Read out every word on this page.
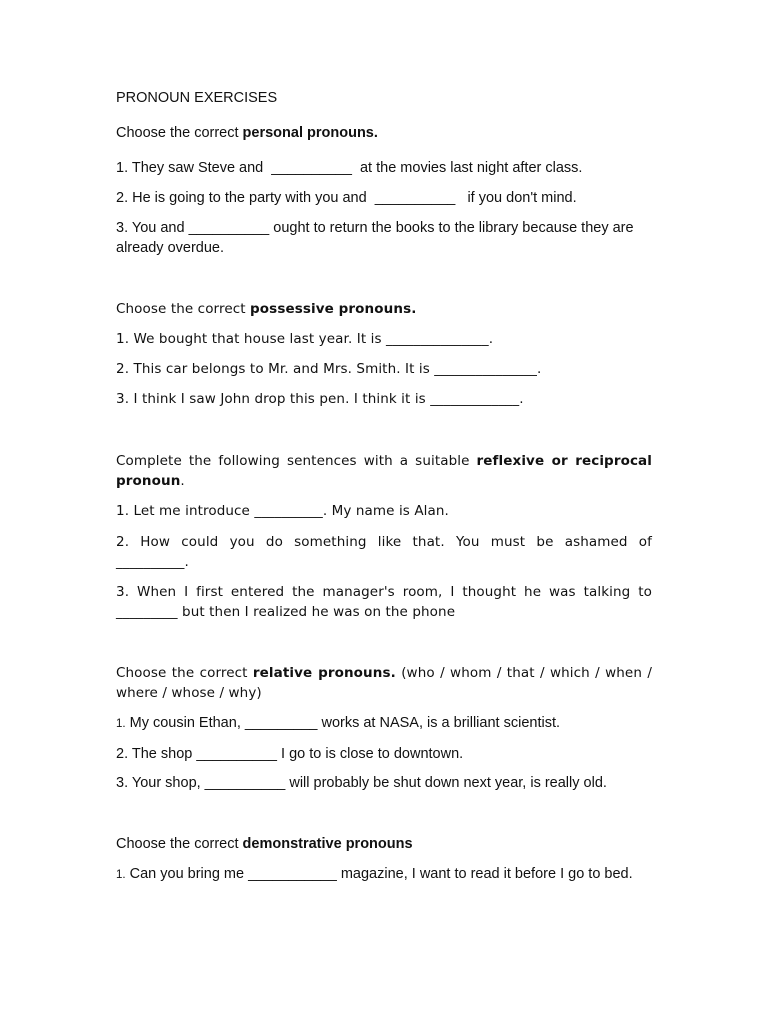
PRONOUN EXERCISES

Choose the correct personal pronouns.

1. They saw Steve and  __________  at the movies last night after class.

2. He is going to the party with you and  __________   if you don't mind.

3. You and __________ ought to return the books to the library because they are already overdue.

Choose the correct possessive pronouns.

1. We bought that house last year. It is _______________.

2. This car belongs to Mr. and Mrs. Smith. It is _______________.

3. I think I saw John drop this pen. I think it is _____________.

Complete the following sentences with a suitable reflexive or reciprocal

pronoun.

1. Let me introduce __________. My name is Alan.

2. How could you do something like that. You must be ashamed of

__________.

3. When I first entered the manager's room, I thought he was talking to

_________ but then I realized he was on the phone

Choose the correct relative pronouns. (who / whom / that / which / when /

where / whose / why)

1. My cousin Ethan, _________ works at NASA, is a brilliant scientist.

2. The shop __________ I go to is close to downtown.

3. Your shop, __________ will probably be shut down next year, is really old.

Choose the correct demonstrative pronouns

1. Can you bring me ___________ magazine, I want to read it before I go to bed.
